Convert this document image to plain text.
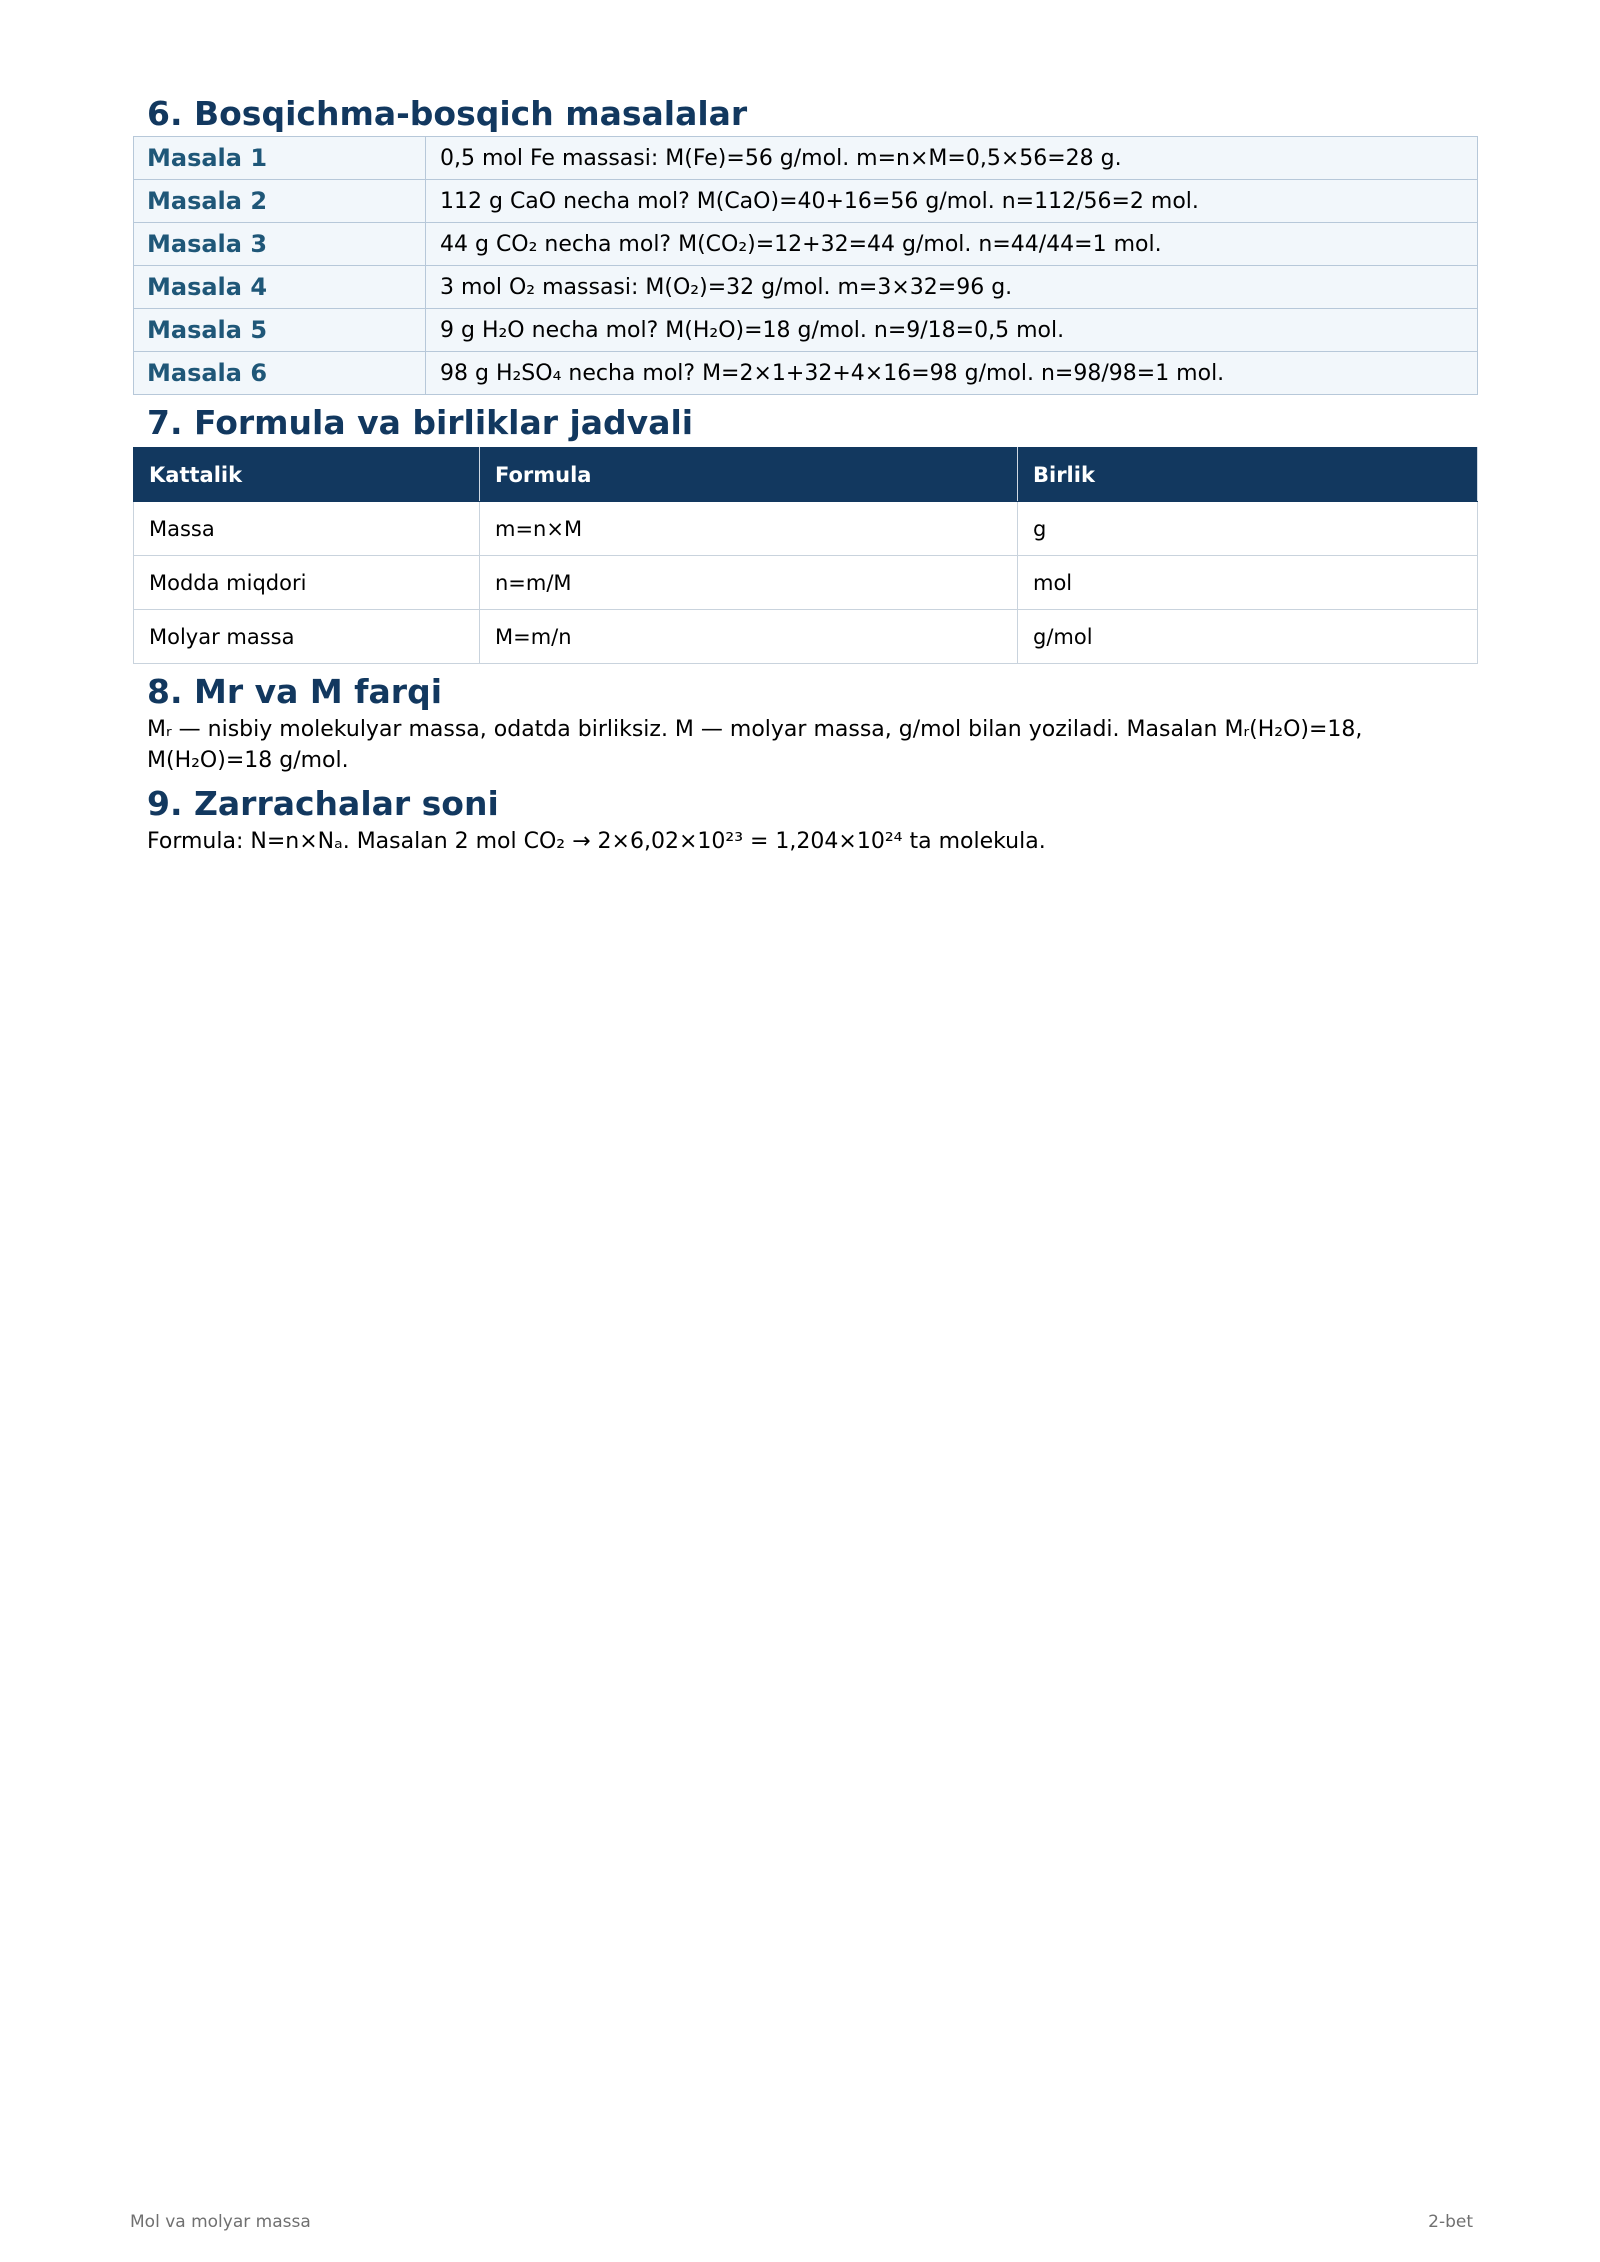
6. Bosqichma-bosqich masalalar
Masala 1	0,5 mol Fe massasi: M(Fe)=56 g/mol. m=n×M=0,5×56=28 g.
Masala 2	112 g CaO necha mol? M(CaO)=40+16=56 g/mol. n=112/56=2 mol.
Masala 3	44 g CO₂ necha mol? M(CO₂)=12+32=44 g/mol. n=44/44=1 mol.
Masala 4	3 mol O₂ massasi: M(O₂)=32 g/mol. m=3×32=96 g.
Masala 5	9 g H₂O necha mol? M(H₂O)=18 g/mol. n=9/18=0,5 mol.
Masala 6	98 g H₂SO₄ necha mol? M=2×1+32+4×16=98 g/mol. n=98/98=1 mol.
7. Formula va birliklar jadvali
Kattalik	Formula	Birlik
Massa	m=n×M	g
Modda miqdori	n=m/M	mol
Molyar massa	M=m/n	g/mol
8. Mr va M farqi

Mᵣ — nisbiy molekulyar massa, odatda birliksiz. M — molyar massa, g/mol bilan yoziladi. Masalan Mᵣ(H₂O)=18, M(H₂O)=18 g/mol.

9. Zarrachalar soni

Formula: N=n×Nₐ. Masalan 2 mol CO₂ → 2×6,02×10²³ = 1,204×10²⁴ ta molekula.

Mol va molyar massa	2-bet
